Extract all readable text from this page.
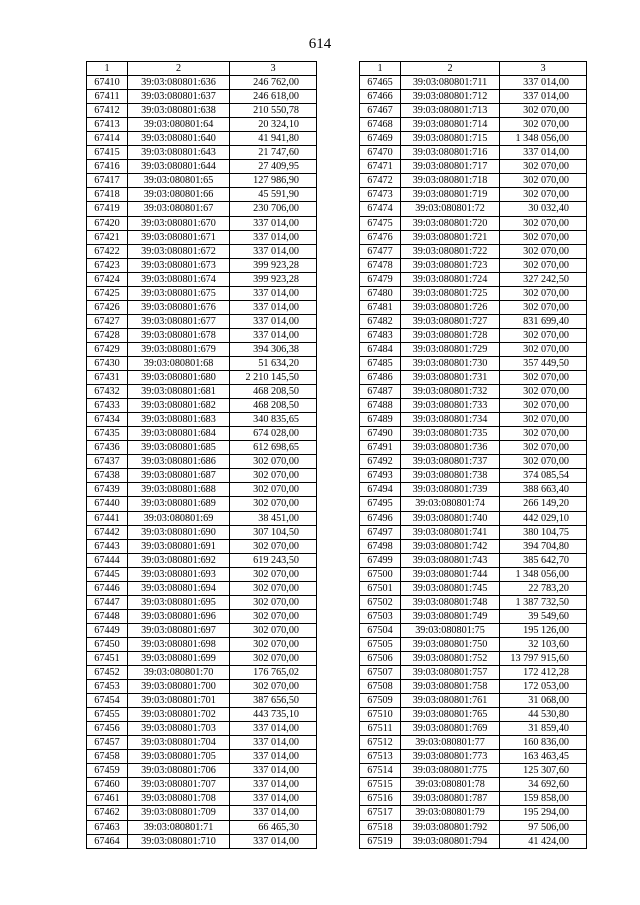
614
1	2	3
67410	39:03:080801:636	246 762,00
67411	39:03:080801:637	246 618,00
67412	39:03:080801:638	210 550,78
67413	39:03:080801:64	20 324,10
67414	39:03:080801:640	41 941,80
67415	39:03:080801:643	21 747,60
67416	39:03:080801:644	27 409,95
67417	39:03:080801:65	127 986,90
67418	39:03:080801:66	45 591,90
67419	39:03:080801:67	230 706,00
67420	39:03:080801:670	337 014,00
67421	39:03:080801:671	337 014,00
67422	39:03:080801:672	337 014,00
67423	39:03:080801:673	399 923,28
67424	39:03:080801:674	399 923,28
67425	39:03:080801:675	337 014,00
67426	39:03:080801:676	337 014,00
67427	39:03:080801:677	337 014,00
67428	39:03:080801:678	337 014,00
67429	39:03:080801:679	394 306,38
67430	39:03:080801:68	51 634,20
67431	39:03:080801:680	2 210 145,50
67432	39:03:080801:681	468 208,50
67433	39:03:080801:682	468 208,50
67434	39:03:080801:683	340 835,65
67435	39:03:080801:684	674 028,00
67436	39:03:080801:685	612 698,65
67437	39:03:080801:686	302 070,00
67438	39:03:080801:687	302 070,00
67439	39:03:080801:688	302 070,00
67440	39:03:080801:689	302 070,00
67441	39:03:080801:69	38 451,00
67442	39:03:080801:690	307 104,50
67443	39:03:080801:691	302 070,00
67444	39:03:080801:692	619 243,50
67445	39:03:080801:693	302 070,00
67446	39:03:080801:694	302 070,00
67447	39:03:080801:695	302 070,00
67448	39:03:080801:696	302 070,00
67449	39:03:080801:697	302 070,00
67450	39:03:080801:698	302 070,00
67451	39:03:080801:699	302 070,00
67452	39:03:080801:70	176 765,02
67453	39:03:080801:700	302 070,00
67454	39:03:080801:701	387 656,50
67455	39:03:080801:702	443 735,10
67456	39:03:080801:703	337 014,00
67457	39:03:080801:704	337 014,00
67458	39:03:080801:705	337 014,00
67459	39:03:080801:706	337 014,00
67460	39:03:080801:707	337 014,00
67461	39:03:080801:708	337 014,00
67462	39:03:080801:709	337 014,00
67463	39:03:080801:71	66 465,30
67464	39:03:080801:710	337 014,00
1	2	3
67465	39:03:080801:711	337 014,00
67466	39:03:080801:712	337 014,00
67467	39:03:080801:713	302 070,00
67468	39:03:080801:714	302 070,00
67469	39:03:080801:715	1 348 056,00
67470	39:03:080801:716	337 014,00
67471	39:03:080801:717	302 070,00
67472	39:03:080801:718	302 070,00
67473	39:03:080801:719	302 070,00
67474	39:03:080801:72	30 032,40
67475	39:03:080801:720	302 070,00
67476	39:03:080801:721	302 070,00
67477	39:03:080801:722	302 070,00
67478	39:03:080801:723	302 070,00
67479	39:03:080801:724	327 242,50
67480	39:03:080801:725	302 070,00
67481	39:03:080801:726	302 070,00
67482	39:03:080801:727	831 699,40
67483	39:03:080801:728	302 070,00
67484	39:03:080801:729	302 070,00
67485	39:03:080801:730	357 449,50
67486	39:03:080801:731	302 070,00
67487	39:03:080801:732	302 070,00
67488	39:03:080801:733	302 070,00
67489	39:03:080801:734	302 070,00
67490	39:03:080801:735	302 070,00
67491	39:03:080801:736	302 070,00
67492	39:03:080801:737	302 070,00
67493	39:03:080801:738	374 085,54
67494	39:03:080801:739	388 663,40
67495	39:03:080801:74	266 149,20
67496	39:03:080801:740	442 029,10
67497	39:03:080801:741	380 104,75
67498	39:03:080801:742	394 704,80
67499	39:03:080801:743	385 642,70
67500	39:03:080801:744	1 348 056,00
67501	39:03:080801:745	22 783,20
67502	39:03:080801:748	1 387 732,50
67503	39:03:080801:749	39 549,60
67504	39:03:080801:75	195 126,00
67505	39:03:080801:750	32 103,60
67506	39:03:080801:752	13 797 915,60
67507	39:03:080801:757	172 412,28
67508	39:03:080801:758	172 053,00
67509	39:03:080801:761	31 068,00
67510	39:03:080801:765	44 530,80
67511	39:03:080801:769	31 859,40
67512	39:03:080801:77	160 836,00
67513	39:03:080801:773	163 463,45
67514	39:03:080801:775	125 307,60
67515	39:03:080801:78	34 692,60
67516	39:03:080801:787	159 858,00
67517	39:03:080801:79	195 294,00
67518	39:03:080801:792	97 506,00
67519	39:03:080801:794	41 424,00
